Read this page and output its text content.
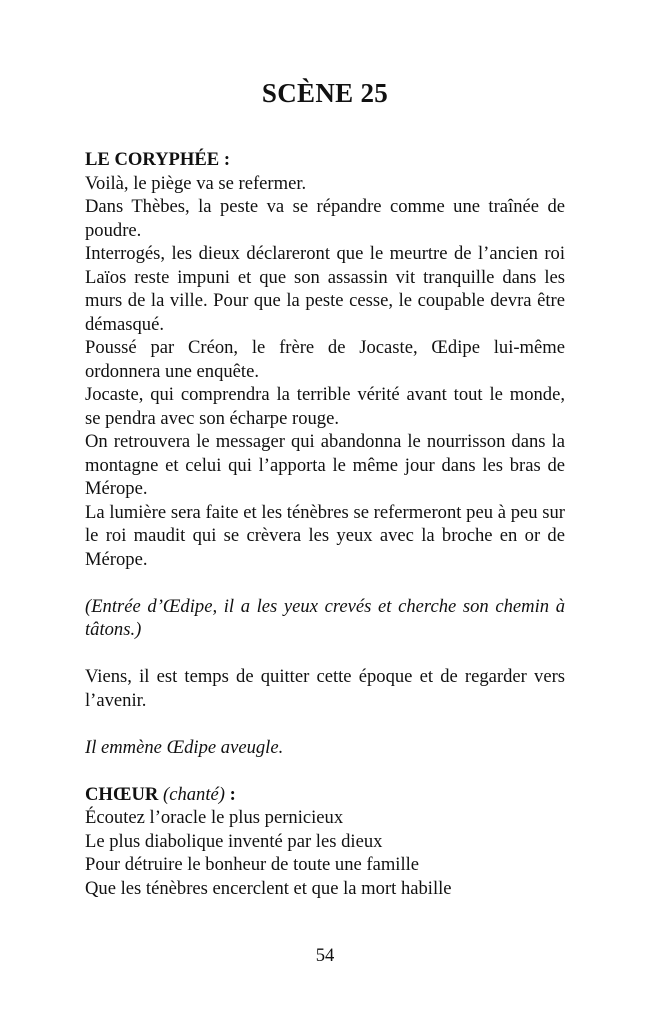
SCÈNE 25

LE CORYPHÉE :

Voilà, le piège va se refermer.

Dans Thèbes, la peste va se répandre comme une traînée de poudre.

Interrogés, les dieux déclareront que le meurtre de l’ancien roi Laïos reste impuni et que son assassin vit tranquille dans les murs de la ville. Pour que la peste cesse, le coupable devra être démasqué.

Poussé par Créon, le frère de Jocaste, Œdipe lui-même ordonnera une enquête.

Jocaste, qui comprendra la terrible vérité avant tout le monde, se pendra avec son écharpe rouge.

On retrouvera le messager qui abandonna le nourrisson dans la montagne et celui qui l’apporta le même jour dans les bras de Mérope.

La lumière sera faite et les ténèbres se refermeront peu à peu sur le roi maudit qui se crèvera les yeux avec la broche en or de Mérope.

(Entrée d’Œdipe, il a les yeux crevés et cherche son chemin à tâtons.)

Viens, il est temps de quitter cette époque et de regarder vers l’avenir.

Il emmène Œdipe aveugle.

CHŒUR (chanté) :

Écoutez l’oracle le plus pernicieux

Le plus diabolique inventé par les dieux

Pour détruire le bonheur de toute une famille

Que les ténèbres encerclent et que la mort habille

54
